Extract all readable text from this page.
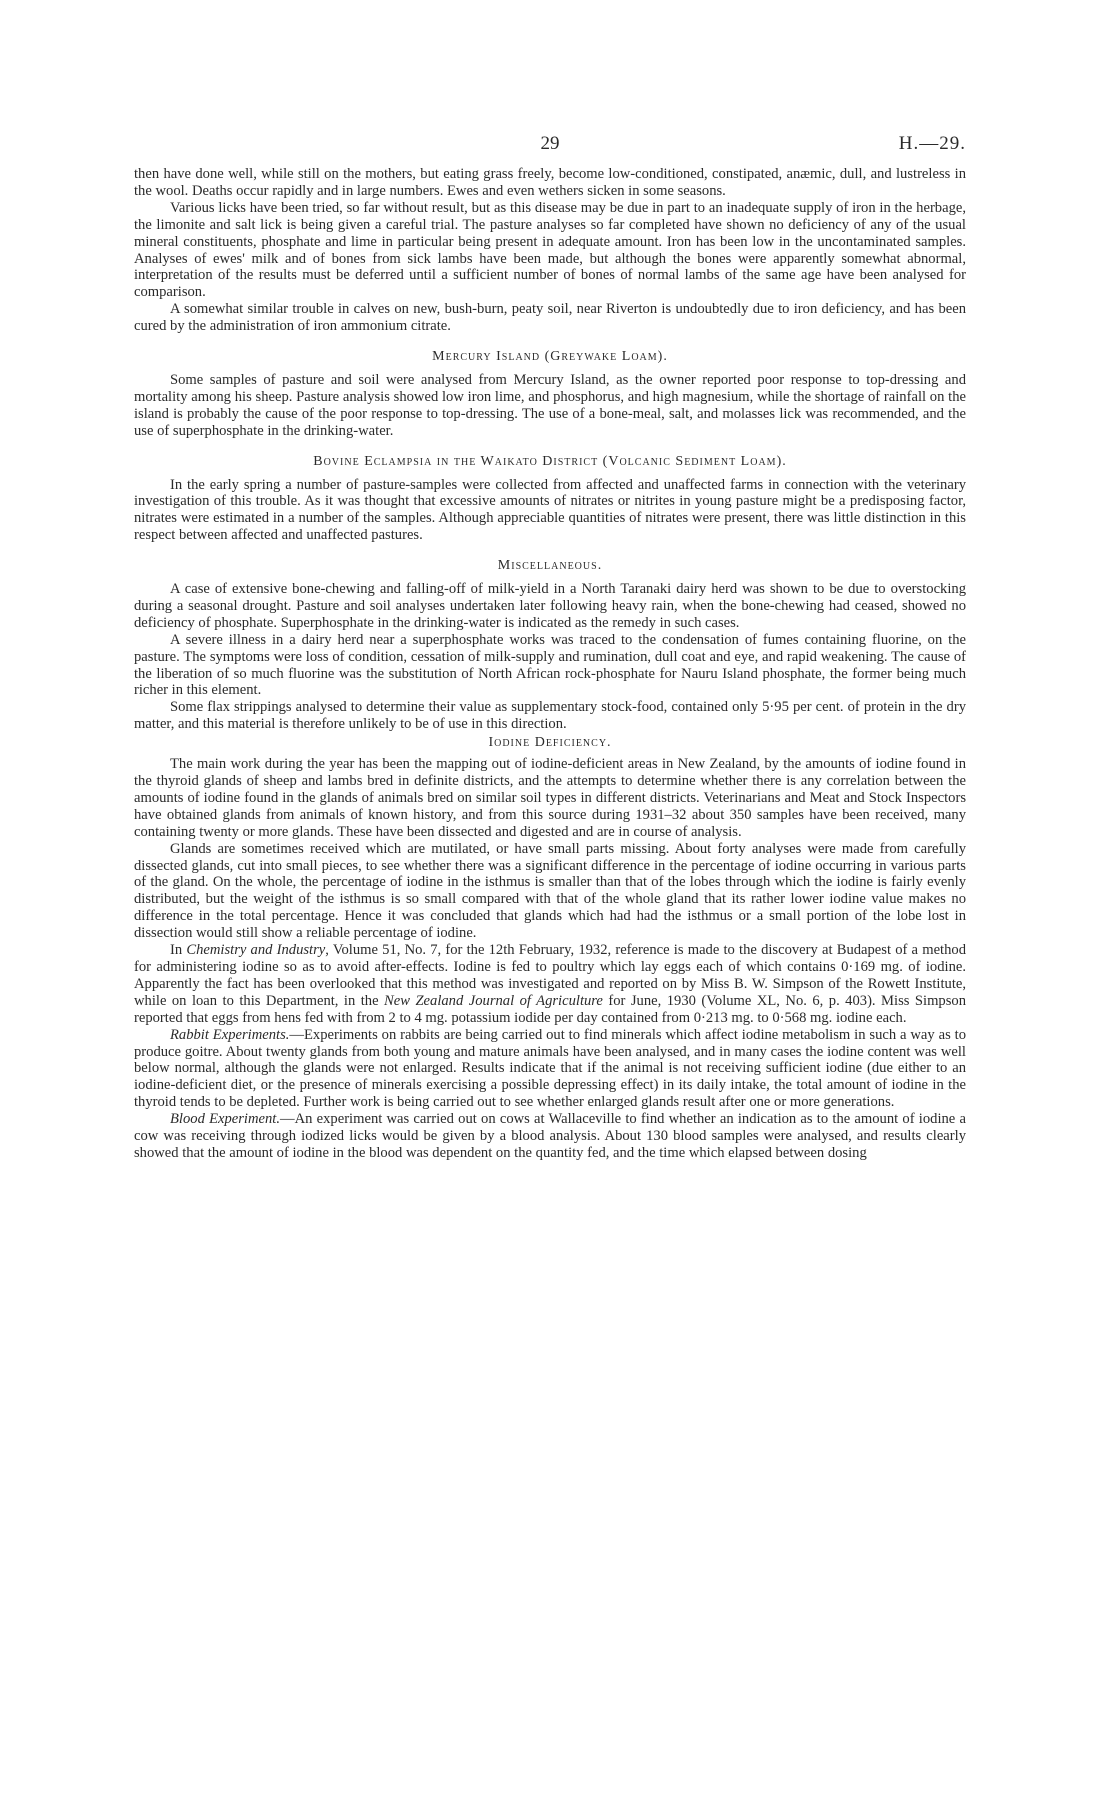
29	H.—29.

then have done well, while still on the mothers, but eating grass freely, become low-conditioned, constipated, anæmic, dull, and lustreless in the wool. Deaths occur rapidly and in large numbers. Ewes and even wethers sicken in some seasons.

Various licks have been tried, so far without result, but as this disease may be due in part to an inadequate supply of iron in the herbage, the limonite and salt lick is being given a careful trial. The pasture analyses so far completed have shown no deficiency of any of the usual mineral constituents, phosphate and lime in particular being present in adequate amount. Iron has been low in the uncontaminated samples. Analyses of ewes' milk and of bones from sick lambs have been made, but although the bones were apparently somewhat abnormal, interpretation of the results must be deferred until a sufficient number of bones of normal lambs of the same age have been analysed for comparison.

A somewhat similar trouble in calves on new, bush-burn, peaty soil, near Riverton is undoubtedly due to iron deficiency, and has been cured by the administration of iron ammonium citrate.

Mercury Island (Greywake Loam).

Some samples of pasture and soil were analysed from Mercury Island, as the owner reported poor response to top-dressing and mortality among his sheep. Pasture analysis showed low iron lime, and phosphorus, and high magnesium, while the shortage of rainfall on the island is probably the cause of the poor response to top-dressing. The use of a bone-meal, salt, and molasses lick was recommended, and the use of superphosphate in the drinking-water.

Bovine Eclampsia in the Waikato District (Volcanic Sediment Loam).

In the early spring a number of pasture-samples were collected from affected and unaffected farms in connection with the veterinary investigation of this trouble. As it was thought that excessive amounts of nitrates or nitrites in young pasture might be a predisposing factor, nitrates were estimated in a number of the samples. Although appreciable quantities of nitrates were present, there was little distinction in this respect between affected and unaffected pastures.

Miscellaneous.

A case of extensive bone-chewing and falling-off of milk-yield in a North Taranaki dairy herd was shown to be due to overstocking during a seasonal drought. Pasture and soil analyses undertaken later following heavy rain, when the bone-chewing had ceased, showed no deficiency of phosphate. Superphosphate in the drinking-water is indicated as the remedy in such cases.

A severe illness in a dairy herd near a superphosphate works was traced to the condensation of fumes containing fluorine, on the pasture. The symptoms were loss of condition, cessation of milk-supply and rumination, dull coat and eye, and rapid weakening. The cause of the liberation of so much fluorine was the substitution of North African rock-phosphate for Nauru Island phosphate, the former being much richer in this element.

Some flax strippings analysed to determine their value as supplementary stock-food, contained only 5·95 per cent. of protein in the dry matter, and this material is therefore unlikely to be of use in this direction.

Iodine Deficiency.

The main work during the year has been the mapping out of iodine-deficient areas in New Zealand, by the amounts of iodine found in the thyroid glands of sheep and lambs bred in definite districts, and the attempts to determine whether there is any correlation between the amounts of iodine found in the glands of animals bred on similar soil types in different districts. Veterinarians and Meat and Stock Inspectors have obtained glands from animals of known history, and from this source during 1931–32 about 350 samples have been received, many containing twenty or more glands. These have been dissected and digested and are in course of analysis.

Glands are sometimes received which are mutilated, or have small parts missing. About forty analyses were made from carefully dissected glands, cut into small pieces, to see whether there was a significant difference in the percentage of iodine occurring in various parts of the gland. On the whole, the percentage of iodine in the isthmus is smaller than that of the lobes through which the iodine is fairly evenly distributed, but the weight of the isthmus is so small compared with that of the whole gland that its rather lower iodine value makes no difference in the total percentage. Hence it was concluded that glands which had had the isthmus or a small portion of the lobe lost in dissection would still show a reliable percentage of iodine.

In Chemistry and Industry, Volume 51, No. 7, for the 12th February, 1932, reference is made to the discovery at Budapest of a method for administering iodine so as to avoid after-effects. Iodine is fed to poultry which lay eggs each of which contains 0·169 mg. of iodine. Apparently the fact has been overlooked that this method was investigated and reported on by Miss B. W. Simpson of the Rowett Institute, while on loan to this Department, in the New Zealand Journal of Agriculture for June, 1930 (Volume XL, No. 6, p. 403). Miss Simpson reported that eggs from hens fed with from 2 to 4 mg. potassium iodide per day contained from 0·213 mg. to 0·568 mg. iodine each.

Rabbit Experiments.—Experiments on rabbits are being carried out to find minerals which affect iodine metabolism in such a way as to produce goitre. About twenty glands from both young and mature animals have been analysed, and in many cases the iodine content was well below normal, although the glands were not enlarged. Results indicate that if the animal is not receiving sufficient iodine (due either to an iodine-deficient diet, or the presence of minerals exercising a possible depressing effect) in its daily intake, the total amount of iodine in the thyroid tends to be depleted. Further work is being carried out to see whether enlarged glands result after one or more generations.

Blood Experiment.—An experiment was carried out on cows at Wallaceville to find whether an indication as to the amount of iodine a cow was receiving through iodized licks would be given by a blood analysis. About 130 blood samples were analysed, and results clearly showed that the amount of iodine in the blood was dependent on the quantity fed, and the time which elapsed between dosing
